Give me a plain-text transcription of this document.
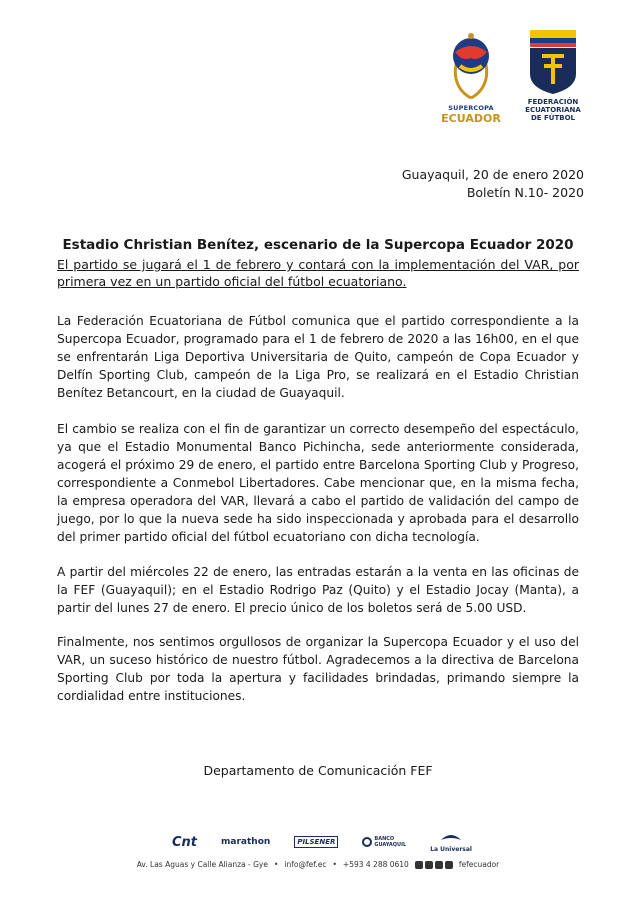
SUPERCOPA
ECUADOR
FEDERACIÓN
ECUATORIANA
DE FÚTBOL
Guayaquil, 20 de enero 2020
Boletín N.10- 2020
Estadio Christian Benítez, escenario de la Supercopa Ecuador 2020
El partido se jugará el 1 de febrero y contará con la implementación del VAR, por primera vez en un partido oficial del fútbol ecuatoriano.

La Federación Ecuatoriana de Fútbol comunica que el partido correspondiente a la Supercopa Ecuador, programado para el 1 de febrero de 2020 a las 16h00, en el que se enfrentarán Liga Deportiva Universitaria de Quito, campeón de Copa Ecuador y Delfín Sporting Club, campeón de la Liga Pro, se realizará en el Estadio Christian Benítez Betancourt, en la ciudad de Guayaquil.

El cambio se realiza con el fin de garantizar un correcto desempeño del espectáculo, ya que el Estadio Monumental Banco Pichincha, sede anteriormente considerada, acogerá el próximo 29 de enero, el partido entre Barcelona Sporting Club y Progreso, correspondiente a Conmebol Libertadores. Cabe mencionar que, en la misma fecha, la empresa operadora del VAR, llevará a cabo el partido de validación del campo de juego, por lo que la nueva sede ha sido inspeccionada y aprobada para el desarrollo del primer partido oficial del fútbol ecuatoriano con dicha tecnología.

A partir del miércoles 22 de enero, las entradas estarán a la venta en las oficinas de la FEF (Guayaquil); en el Estadio Rodrigo Paz (Quito) y el Estadio Jocay (Manta), a partir del lunes 27 de enero. El precio único de los boletos será de 5.00 USD.

Finalmente, nos sentimos orgullosos de organizar la Supercopa Ecuador y el uso del VAR, un suceso histórico de nuestro fútbol. Agradecemos a la directiva de Barcelona Sporting Club por toda la apertura y facilidades brindadas, primando siempre la cordialidad entre instituciones.

Departamento de Comunicación FEF
Cnt	marathon	PILSENER	BANCO
GUAYAQUIL
La Universal
Av. Las Aguas y Calle Alianza - Gye • info@fef.ec • +593 4 288 0610	fefecuador
